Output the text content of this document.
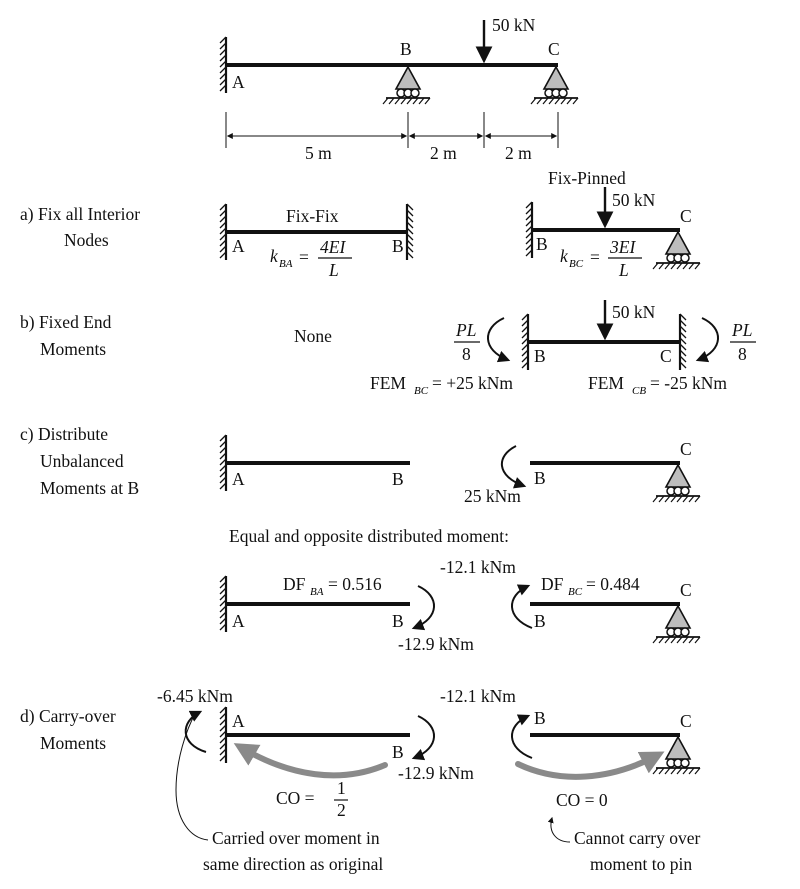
50 kN
A
B	C
5 m	2 m	2 m
a) Fix all Interior
Nodes
Fix-Fix
A	B
k BA = 4EI
L
Fix-Pinned
50 kN
B
C
k BC = 3EI
L
b) Fixed End
Moments
None	PL
8
50 kN
B	C
PL
8
FEM BC = +25 kNm	FEM CB = -25 kNm
c) Distribute
Unbalanced
Moments at B	A	B	B
C
25 kNm
Equal and opposite distributed moment:
DF BA = 0.516
A	B
-12.9 kNm
-12.1 kNm
DF BC = 0.484
B
C
d) Carry-over
Moments
-6.45 kNm
A
B
-12.9 kNm
CO = 1
2
-12.1 kNm
B	C
CO = 0
Carried over moment in
same direction as original
Cannot carry over
moment to pin
